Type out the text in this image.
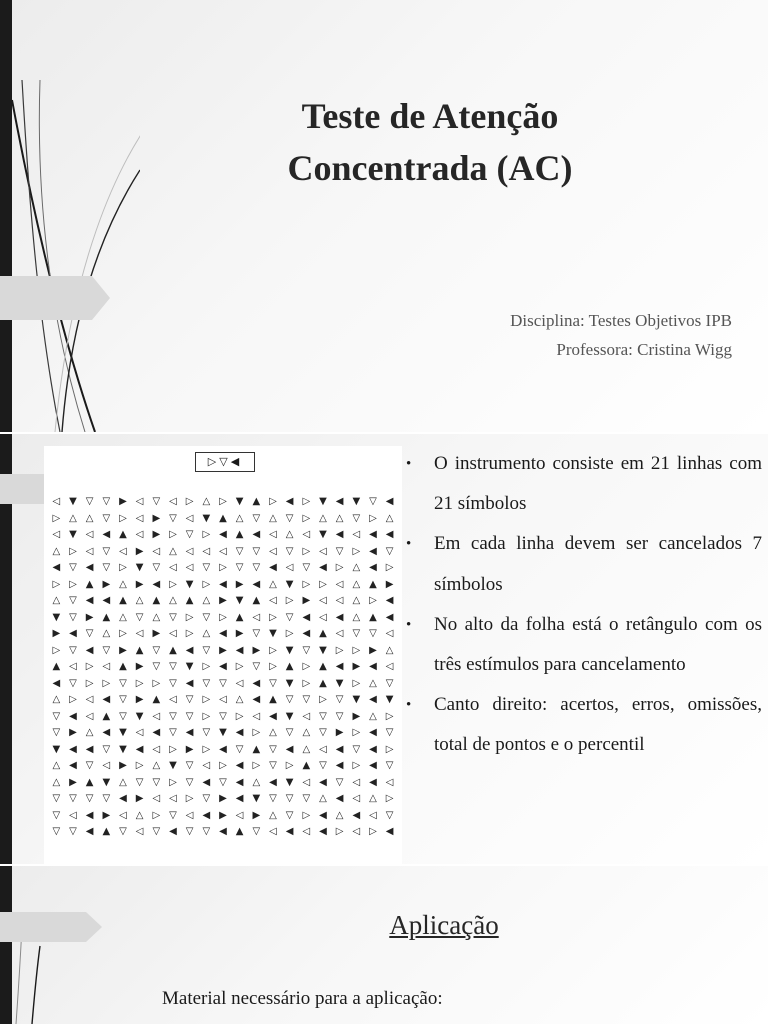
Teste de Atenção
Concentrada (AC)
Disciplina: Testes Objetivos IPB
Professora: Cristina Wigg
▷▽◀
◁ ▼ ▽ ▽ ▶ ◁ ▽ ◁ ▷ △ ▷ ▼ ▲ ▷ ◀ ▷ ▼ ◀ ▼ ▽ ◀
▷ △ △ ▽ ▷ ◁ ▶ ▽ ◁ ▼ ▲ △ ▽ △ ▽ ▷ △ △ ▽ ▷ △
◁ ▼ ◁ ◀ ▲ ◁ ▶ ▷ ▽ ▷ ◀ ▲ ◀ ◁ △ ◁ ▼ ◀ ◁ ◀ ◀
△ ▷ ◁ ▽ ◁ ▶ ◁ △ ◁ ◁ ◁ ▽ ▽ ◁ ▽ ▷ ◁ ▽ ▷ ◀ ▽
◀ ▽ ◀ ▽ ▷ ▼ ▽ ◁ ◁ ▽ ▷ ▽ ▽ ◀ ◁ ▽ ◀ ▷ △ ◀ ▷
▷ ▷ ▲ ▶ △ ▶ ◀ ▷ ▼ ▷ ◀ ▶ ◀ △ ▼ ▷ ▷ ◁ △ ▲ ▶
△ ▽ ◀ ◀ ▲ △ ▲ △ ▲ △ ▶ ▼ ▲ ◁ ▷ ▶ ◁ ◁ △ ▷ ◀
▼ ▽ ▶ ▲ △ ▽ △ ▽ ▷ ▽ ▷ ▲ ◁ ▷ ▽ ◀ ◁ ◀ △ ▲ ◀
▶ ◀ ▽ △ ▷ ◁ ▶ ◁ ▷ △ ◀ ▶ ▽ ▼ ▷ ◀ ▲ ◁ ▽ ▽ ◁
▷ ▽ ◀ ▽ ▶ ▲ ▽ ▲ ◀ ▽ ▶ ◀ ▶ ▷ ▼ ▽ ▼ ▷ ▷ ▶ △
▲ ◁ ▷ ◁ ▲ ▶ ▽ ▽ ▼ ▷ ◀ ▷ ▽ ▷ ▲ ▷ ▲ ◀ ▶ ◀ ◁
◀ ▽ ▷ ▷ ▽ ▷ ▷ ▽ ◀ ▽ ▽ ◁ ◀ ▽ ▼ ▷ ▲ ▼ ▷ △ ▽
△ ▷ ◁ ◀ ▽ ▶ ▲ ◁ ▽ ▷ ◁ △ ◀ ▲ ▽ ▽ ▷ ▽ ▼ ◀ ▼
▽ ◀ ◁ ▲ ▽ ▼ ◁ ▽ ▽ ▷ ▽ ▷ ◁ ◀ ▼ ◁ ▽ ▽ ▶ △ ▷
▽ ▶ △ ◀ ▼ ◁ ◀ ▽ ◀ ▽ ▼ ◀ ▷ △ ▽ △ ▽ ▶ ▷ ◀ ▽
▼ ◀ ◀ ▽ ▼ ◀ ◁ ▷ ▶ ▷ ◀ ▽ ▲ ▽ ◀ △ ◁ ◀ ▽ ◀ ▷
△ ◀ ▽ ◁ ▶ ▷ △ ▼ ▽ ◁ ▷ ◀ ▷ ▽ ▷ ▲ ▽ ◀ ▷ ◀ ▽
△ ▶ ▲ ▼ △ ▽ ▽ ▷ ▽ ◀ ▽ ◀ △ ◀ ▼ ◁ ◀ ▽ ◁ ◀ ◁
▽ ▽ ▽ ▽ ◀ ▶ ◁ ◁ ▷ ▽ ▶ ◀ ▼ ▽ ▽ ▽ △ ◀ ◁ △ ▷
▽ ◁ ◀ ▶ ◁ △ ▷ ▽ ◁ ◀ ▶ ◁ ▶ △ ▽ ▷ ◀ △ ◀ ◁ ▽
▽ ▽ ◀ ▲ ▽ ◁ ▽ ◀ ▽ ▽ ◀ ▲ ▽ ◁ ◀ ◁ ◀ ▷ ◁ ▷ ◀
• O instrumento consiste em 21 linhas com 21 símbolos
• Em cada linha devem ser cancelados 7 símbolos
• No alto da folha está o retângulo com os três estímulos para cancelamento
• Canto direito: acertos, erros, omissões, total de pontos e o percentil
Aplicação
Material necessário para a aplicação:
